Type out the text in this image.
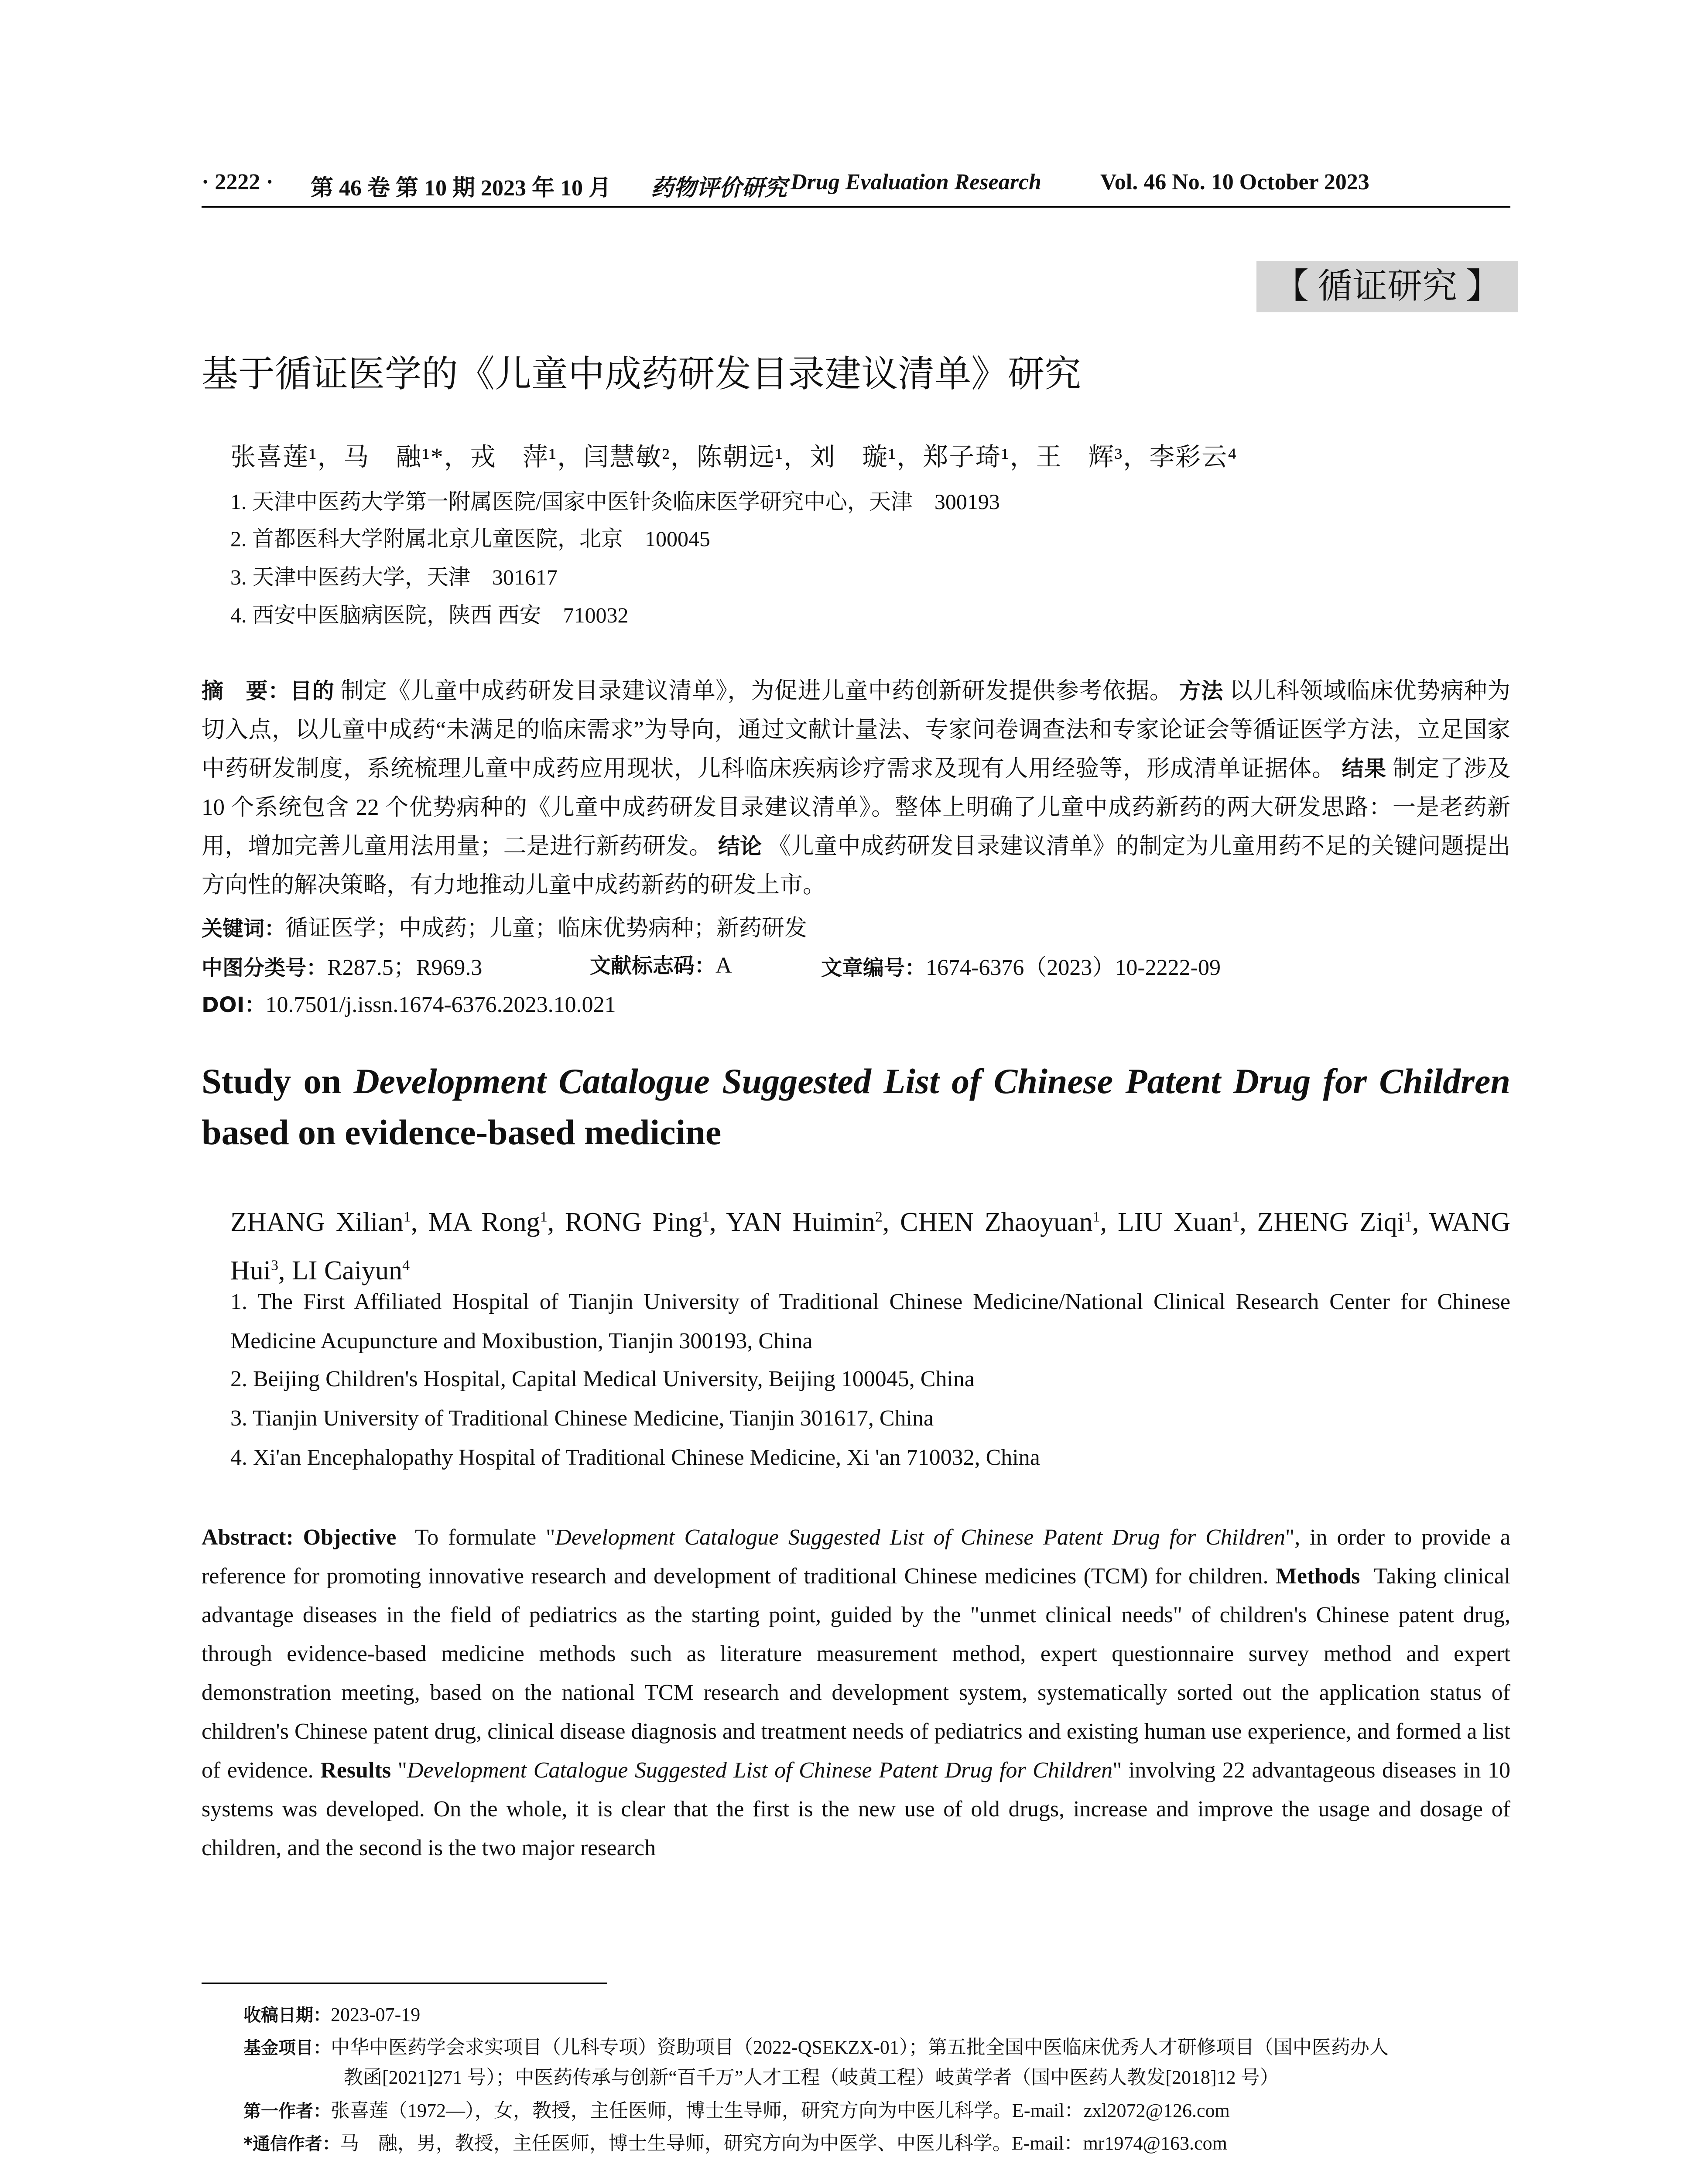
· 2222 · 第 46 卷 第 10 期 2023 年 10 月 药物评价研究 Drug Evaluation Research	Vol. 46 No. 10 October 2023
【 循证研究 】
基于循证医学的《儿童中成药研发目录建议清单》研究
张喜莲¹，马　融¹*，戎　萍¹，闫慧敏²，陈朝远¹，刘　璇¹，郑子琦¹，王　辉³，李彩云⁴
1. 天津中医药大学第一附属医院/国家中医针灸临床医学研究中心，天津　300193
2. 首都医科大学附属北京儿童医院，北京　100045
3. 天津中医药大学，天津　301617
4. 西安中医脑病医院，陕西 西安　710032
摘　要：目的 制定《儿童中成药研发目录建议清单》，为促进儿童中药创新研发提供参考依据。 方法 以儿科领域临床优势病种为切入点，以儿童中成药“未满足的临床需求”为导向，通过文献计量法、专家问卷调查法和专家论证会等循证医学方法，立足国家中药研发制度，系统梳理儿童中成药应用现状，儿科临床疾病诊疗需求及现有人用经验等，形成清单证据体。 结果 制定了涉及 10 个系统包含 22 个优势病种的《儿童中成药研发目录建议清单》。整体上明确了儿童中成药新药的两大研发思路：一是老药新用，增加完善儿童用法用量；二是进行新药研发。 结论 《儿童中成药研发目录建议清单》的制定为儿童用药不足的关键问题提出方向性的解决策略，有力地推动儿童中成药新药的研发上市。
关键词：循证医学；中成药；儿童；临床优势病种；新药研发
中图分类号：R287.5；R969.3	文献标志码：A	文章编号：1674-6376（2023）10-2222-09
DOI：10.7501/j.issn.1674-6376.2023.10.021
Study on Development Catalogue Suggested List of Chinese Patent Drug for Children based on evidence-based medicine
ZHANG Xilian$^1$, MA Rong$^1$, RONG Ping$^1$, YAN Huimin$^2$, CHEN Zhaoyuan$^1$, LIU Xuan$^1$, ZHENG Ziqi$^1$, WANG Hui$^3$, LI Caiyun$^4$
1. The First Affiliated Hospital of Tianjin University of Traditional Chinese Medicine/National Clinical Research Center for Chinese Medicine Acupuncture and Moxibustion, Tianjin 300193, China
2. Beijing Children's Hospital, Capital Medical University, Beijing 100045, China
3. Tianjin University of Traditional Chinese Medicine, Tianjin 301617, China
4. Xi'an Encephalopathy Hospital of Traditional Chinese Medicine, Xi 'an 710032, China
Abstract: Objective To formulate "Development Catalogue Suggested List of Chinese Patent Drug for Children", in order to provide a reference for promoting innovative research and development of traditional Chinese medicines (TCM) for children. Methods Taking clinical advantage diseases in the field of pediatrics as the starting point, guided by the "unmet clinical needs" of children's Chinese patent drug, through evidence-based medicine methods such as literature measurement method, expert questionnaire survey method and expert demonstration meeting, based on the national TCM research and development system, systematically sorted out the application status of children's Chinese patent drug, clinical disease diagnosis and treatment needs of pediatrics and existing human use experience, and formed a list of evidence. Results "Development Catalogue Suggested List of Chinese Patent Drug for Children" involving 22 advantageous diseases in 10 systems was developed. On the whole, it is clear that the first is the new use of old drugs, increase and improve the usage and dosage of children, and the second is the two major research
收稿日期：2023-07-19
基金项目：中华中医药学会求实项目（儿科专项）资助项目（2022-QSEKZX-01）；第五批全国中医临床优秀人才研修项目（国中医药办人
教函[2021]271 号）；中医药传承与创新“百千万”人才工程（岐黄工程）岐黄学者（国中医药人教发[2018]12 号）
第一作者：张喜莲（1972—），女，教授，主任医师，博士生导师，研究方向为中医儿科学。E-mail：zxl2072@126.com
*通信作者：马　融，男，教授，主任医师，博士生导师，研究方向为中医学、中医儿科学。E-mail：mr1974@163.com
